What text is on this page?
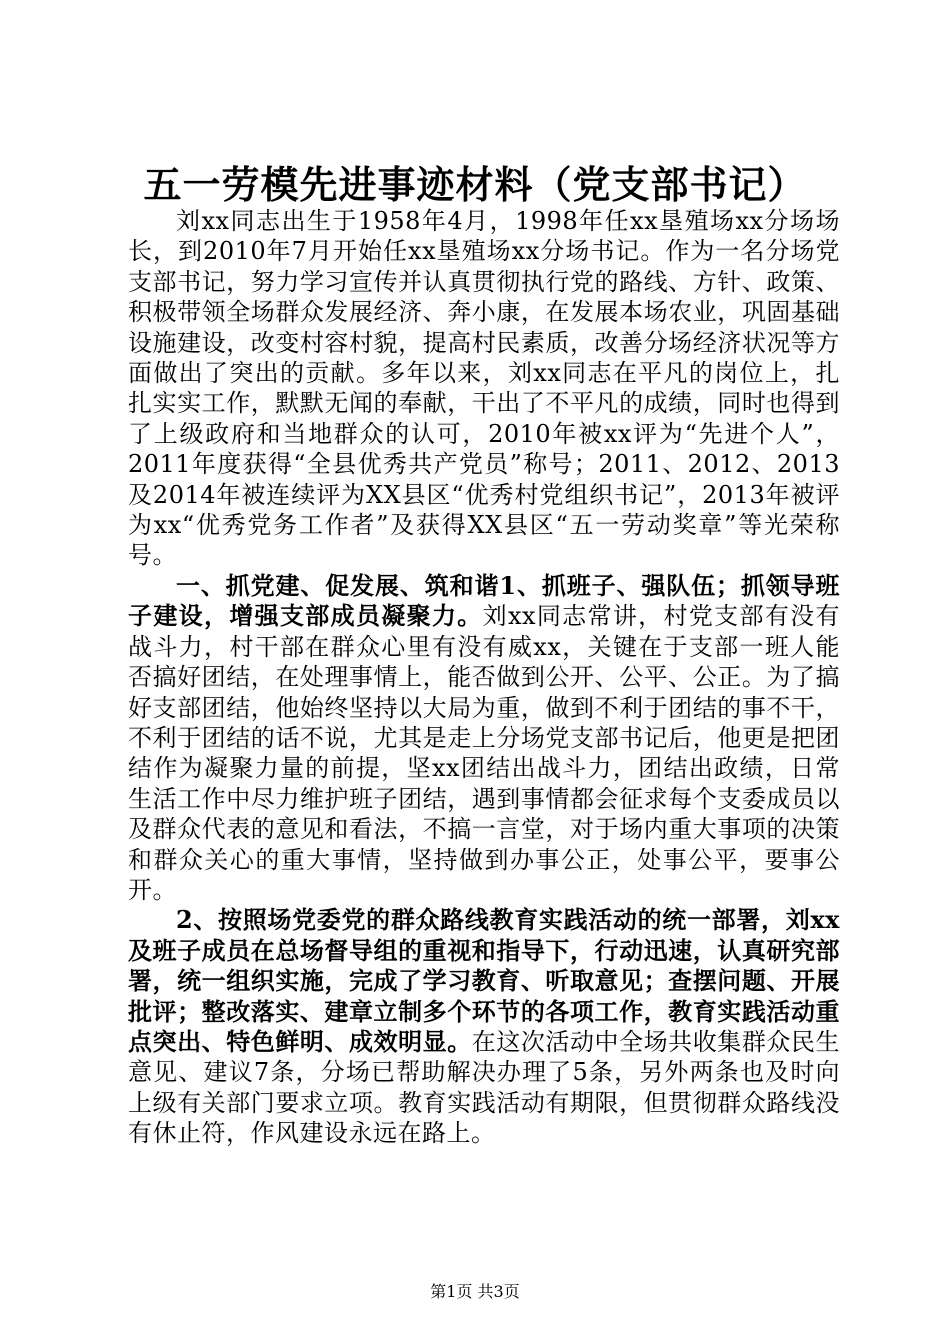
五一劳模先进事迹材料（党支部书记）

刘xx同志出生于1958年4月，1998年任xx垦殖场xx分场场长，到2010年7月开始任xx垦殖场xx分场书记。作为一名分场党支部书记，努力学习宣传并认真贯彻执行党的路线、方针、政策、积极带领全场群众发展经济、奔小康，在发展本场农业，巩固基础设施建设，改变村容村貌，提高村民素质，改善分场经济状况等方面做出了突出的贡献。多年以来，刘xx同志在平凡的岗位上，扎扎实实工作，默默无闻的奉献，干出了不平凡的成绩，同时也得到了上级政府和当地群众的认可，2010年被xx评为“先进个人”，2011年度获得“全县优秀共产党员”称号；2011、2012、2013及2014年被连续评为XX县区“优秀村党组织书记”，2013年被评为xx“优秀党务工作者”及获得XX县区“五一劳动奖章”等光荣称号。

一、抓党建、促发展、筑和谐1、抓班子、强队伍；抓领导班子建设，增强支部成员凝聚力。刘xx同志常讲，村党支部有没有战斗力，村干部在群众心里有没有威xx，关键在于支部一班人能否搞好团结，在处理事情上，能否做到公开、公平、公正。为了搞好支部团结，他始终坚持以大局为重，做到不利于团结的事不干，不利于团结的话不说，尤其是走上分场党支部书记后，他更是把团结作为凝聚力量的前提，坚xx团结出战斗力，团结出政绩，日常生活工作中尽力维护班子团结，遇到事情都会征求每个支委成员以及群众代表的意见和看法，不搞一言堂，对于场内重大事项的决策和群众关心的重大事情，坚持做到办事公正，处事公平，要事公开。

2、按照场党委党的群众路线教育实践活动的统一部署，刘xx及班子成员在总场督导组的重视和指导下，行动迅速，认真研究部署，统一组织实施，完成了学习教育、听取意见；查摆问题、开展批评；整改落实、建章立制多个环节的各项工作，教育实践活动重点突出、特色鲜明、成效明显。在这次活动中全场共收集群众民生意见、建议7条，分场已帮助解决办理了5条，另外两条也及时向上级有关部门要求立项。教育实践活动有期限，但贯彻群众路线没有休止符，作风建设永远在路上。

第1页 共3页
